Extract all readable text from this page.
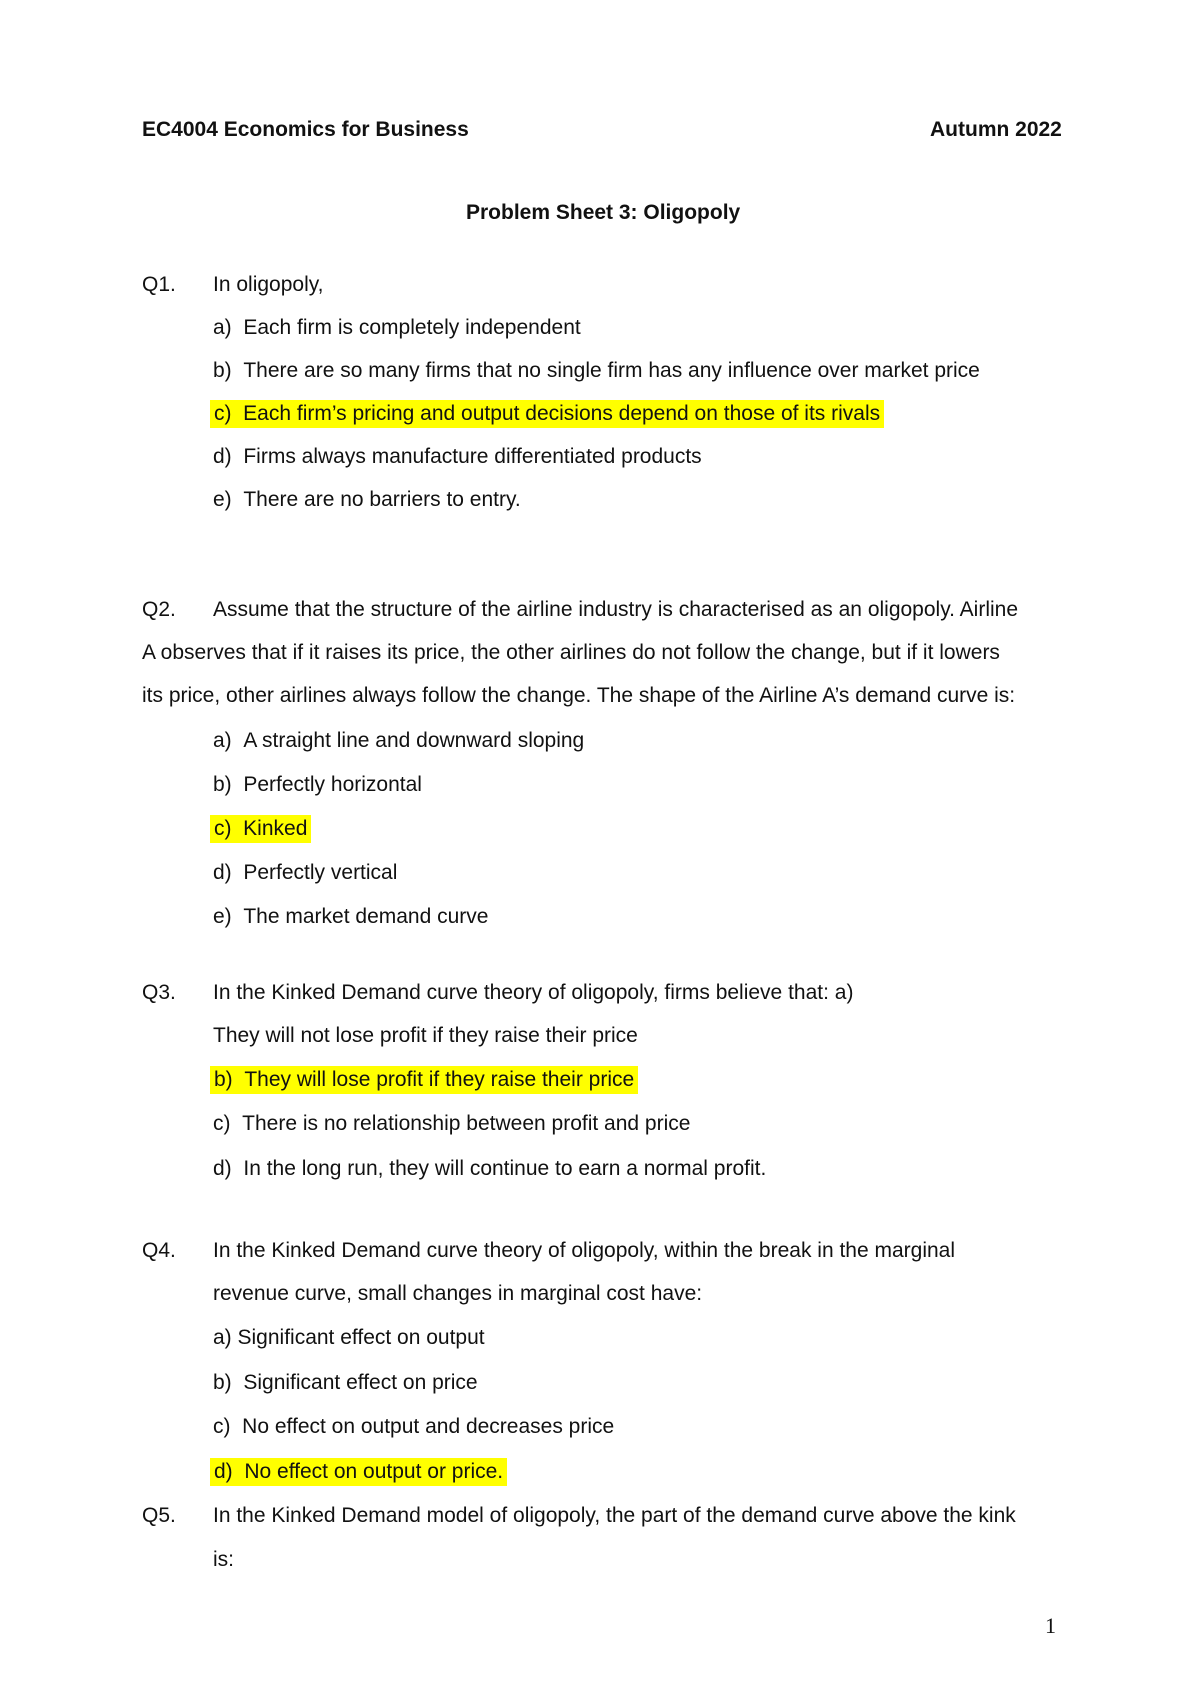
EC4004 Economics for Business	Autumn 2022
Problem Sheet 3: Oligopoly
Q1. In oligopoly,
a) Each firm is completely independent
b) There are so many firms that no single firm has any influence over market price
c) Each firm’s pricing and output decisions depend on those of its rivals
d) Firms always manufacture differentiated products
e) There are no barriers to entry.
Q2. Assume that the structure of the airline industry is characterised as an oligopoly. Airline
A observes that if it raises its price, the other airlines do not follow the change, but if it lowers
its price, other airlines always follow the change. The shape of the Airline A’s demand curve is:
a) A straight line and downward sloping
b) Perfectly horizontal
c) Kinked
d) Perfectly vertical
e) The market demand curve
Q3. In the Kinked Demand curve theory of oligopoly, firms believe that: a)
They will not lose profit if they raise their price
b) They will lose profit if they raise their price
c) There is no relationship between profit and price
d) In the long run, they will continue to earn a normal profit.
Q4. In the Kinked Demand curve theory of oligopoly, within the break in the marginal
revenue curve, small changes in marginal cost have:
a) Significant effect on output
b) Significant effect on price
c) No effect on output and decreases price
d) No effect on output or price.
Q5. In the Kinked Demand model of oligopoly, the part of the demand curve above the kink
is:
1
